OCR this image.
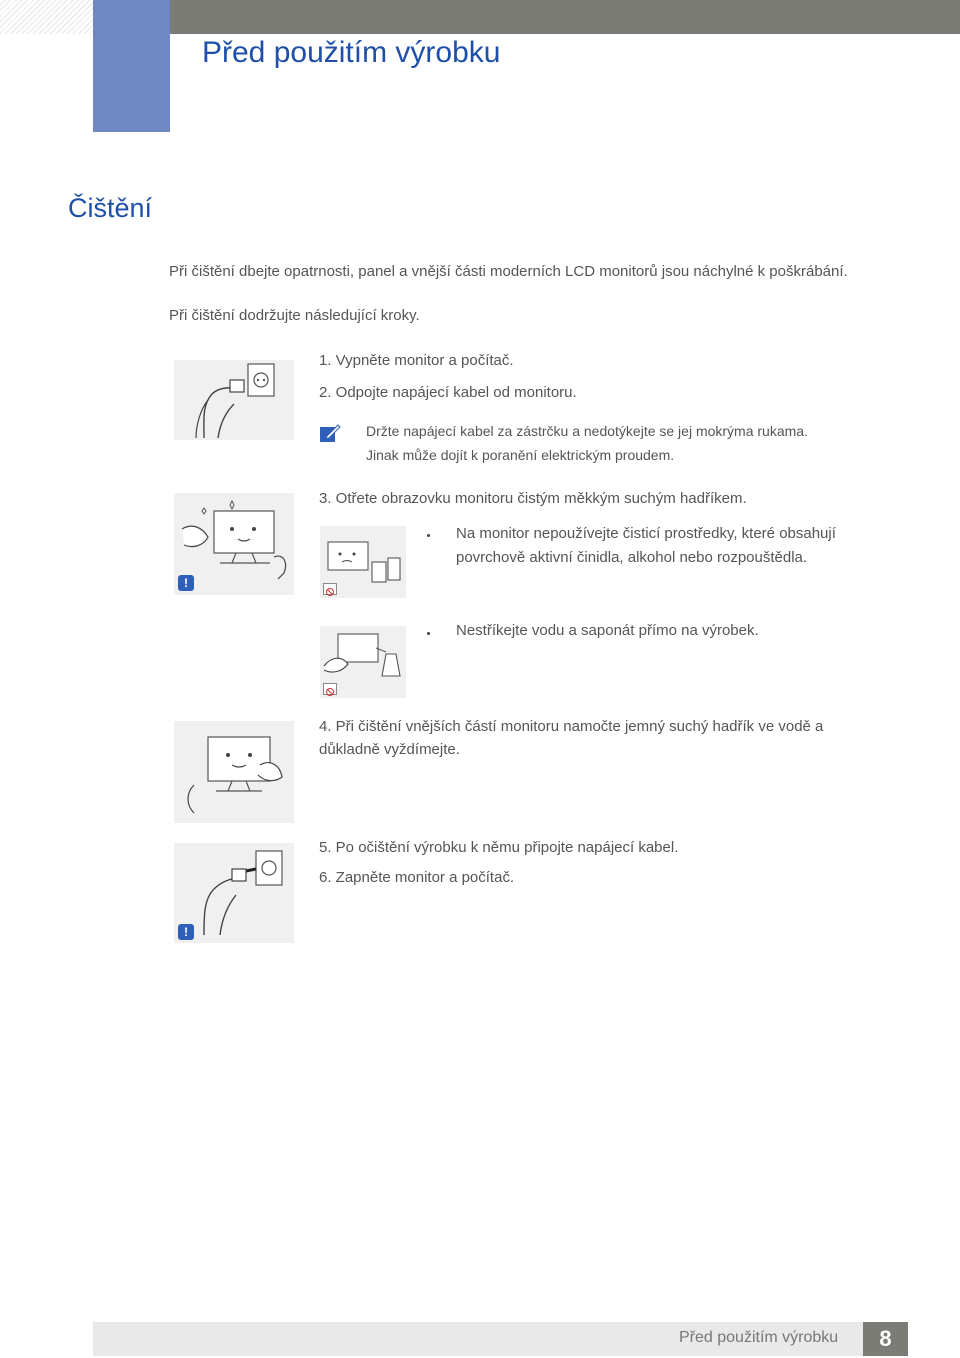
Před použitím výrobku
Čištění
Při čištění dbejte opatrnosti, panel a vnější části moderních LCD monitorů jsou náchylné k poškrábání.
Při čištění dodržujte následující kroky.
1. Vypněte monitor a počítač.
2. Odpojte napájecí kabel od monitoru.
Držte napájecí kabel za zástrčku a nedotýkejte se jej mokrýma rukama.
Jinak může dojít k poranění elektrickým proudem.
!
3. Otřete obrazovku monitoru čistým měkkým suchým hadříkem.
Na monitor nepoužívejte čisticí prostředky, které obsahují
povrchově aktivní činidla, alkohol nebo rozpouštědla.
Nestříkejte vodu a saponát přímo na výrobek.
4. Při čištění vnějších částí monitoru namočte jemný suchý hadřík ve vodě a
důkladně vyždímejte.
!
5. Po očištění výrobku k němu připojte napájecí kabel.
6. Zapněte monitor a počítač.
Před použitím výrobku	8
